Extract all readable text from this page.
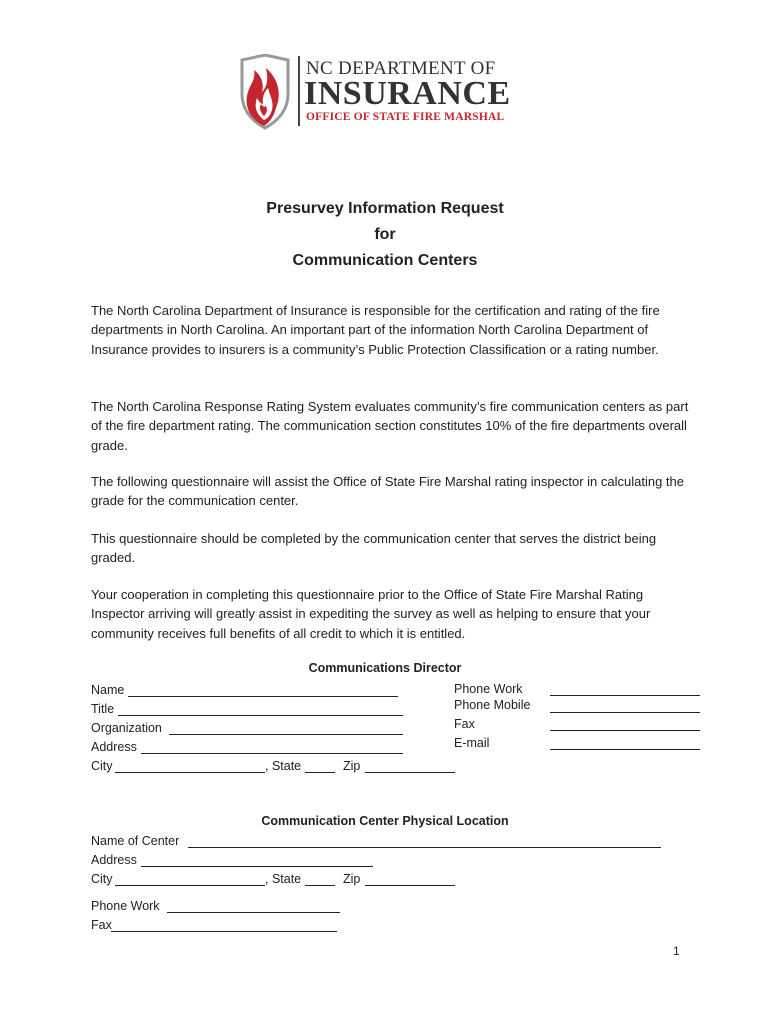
NC DEPARTMENT OF
INSURANCE
OFFICE OF STATE FIRE MARSHAL
Presurvey Information Request
for
Communication Centers
The North Carolina Department of Insurance is responsible for the certification and rating of the fire departments in North Carolina. An important part of the information North Carolina Department of Insurance provides to insurers is a community’s Public Protection Classification or a rating number.
The North Carolina Response Rating System evaluates community’s fire communication centers as part of the fire department rating. The communication section constitutes 10% of the fire departments overall grade.
The following questionnaire will assist the Office of State Fire Marshal rating inspector in calculating the grade for the communication center.
This questionnaire should be completed by the communication center that serves the district being graded.
Your cooperation in completing this questionnaire prior to the Office of State Fire Marshal Rating Inspector arriving will greatly assist in expediting the survey as well as helping to ensure that your community receives full benefits of all credit to which it is entitled.
Communications Director
Name
Title
Organization
Address
City	, State	Zip
Phone Work
Phone Mobile
Fax
E-mail
Communication Center Physical Location
Name of Center
Address
City	, State	Zip
Phone Work
Fax
1
